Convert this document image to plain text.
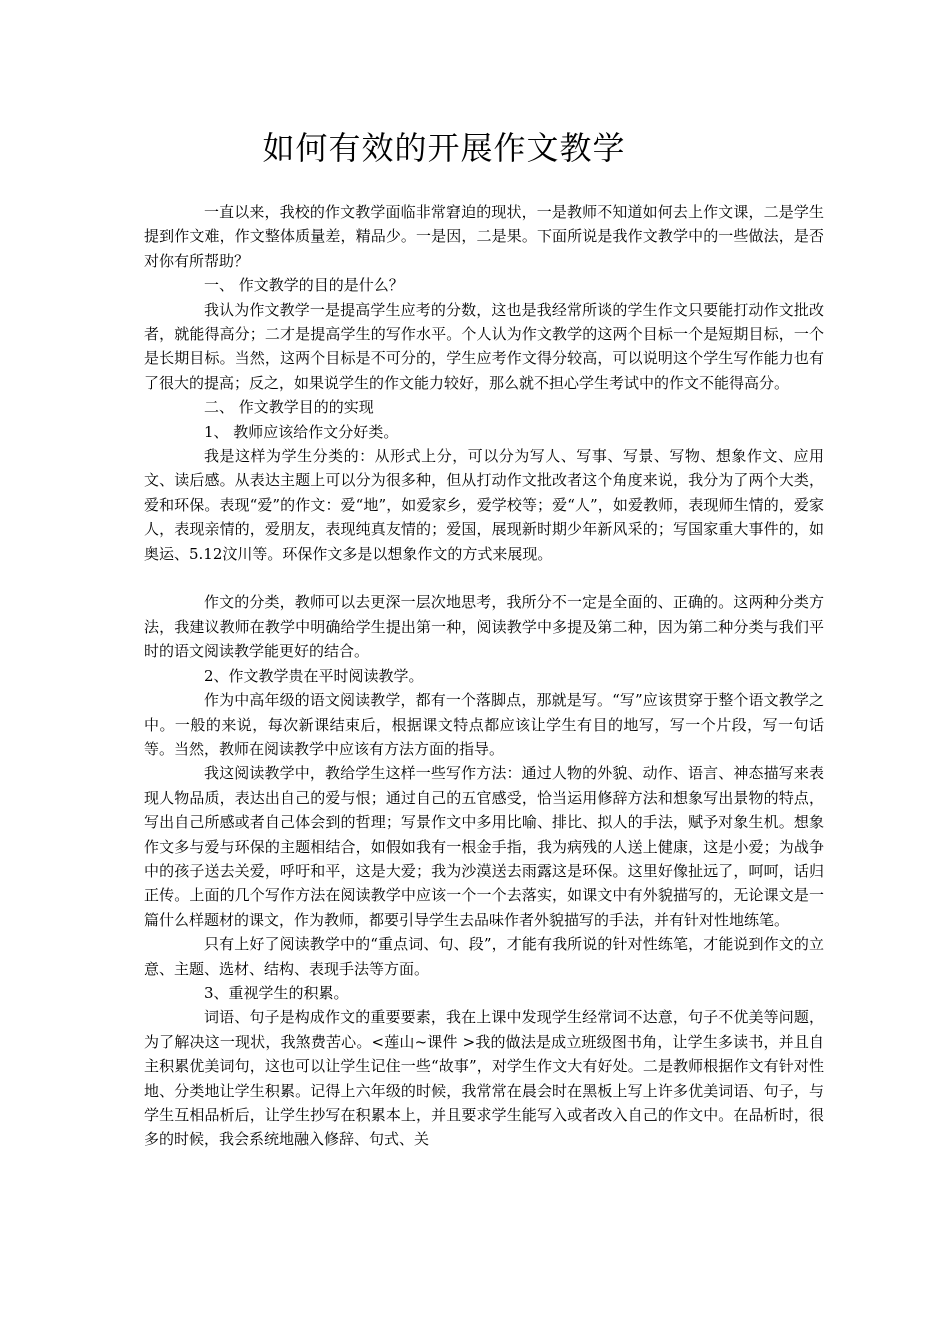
如何有效的开展作文教学

一直以来，我校的作文教学面临非常窘迫的现状，一是教师不知道如何去上作文课，二是学生提到作文难，作文整体质量差，精品少。一是因，二是果。下面所说是我作文教学中的一些做法，是否对你有所帮助？

一、 作文教学的目的是什么？

我认为作文教学一是提高学生应考的分数，这也是我经常所谈的学生作文只要能打动作文批改者，就能得高分；二才是提高学生的写作水平。个人认为作文教学的这两个目标一个是短期目标，一个是长期目标。当然，这两个目标是不可分的，学生应考作文得分较高，可以说明这个学生写作能力也有了很大的提高；反之，如果说学生的作文能力较好，那么就不担心学生考试中的作文不能得高分。

二、 作文教学目的的实现

1、 教师应该给作文分好类。

我是这样为学生分类的：从形式上分，可以分为写人、写事、写景、写物、想象作文、应用文、读后感。从表达主题上可以分为很多种，但从打动作文批改者这个角度来说，我分为了两个大类，爱和环保。表现“爱”的作文：爱“地”，如爱家乡，爱学校等；爱“人”，如爱教师，表现师生情的，爱家人，表现亲情的，爱朋友，表现纯真友情的；爱国，展现新时期少年新风采的；写国家重大事件的，如奥运、5.12汶川等。环保作文多是以想象作文的方式来展现。

作文的分类，教师可以去更深一层次地思考，我所分不一定是全面的、正确的。这两种分类方法，我建议教师在教学中明确给学生提出第一种，阅读教学中多提及第二种，因为第二种分类与我们平时的语文阅读教学能更好的结合。

2、作文教学贵在平时阅读教学。

作为中高年级的语文阅读教学，都有一个落脚点，那就是写。“写”应该贯穿于整个语文教学之中。一般的来说，每次新课结束后，根据课文特点都应该让学生有目的地写，写一个片段，写一句话等。当然，教师在阅读教学中应该有方法方面的指导。

我这阅读教学中，教给学生这样一些写作方法：通过人物的外貌、动作、语言、神态描写来表现人物品质，表达出自己的爱与恨；通过自己的五官感受，恰当运用修辞方法和想象写出景物的特点，写出自己所感或者自己体会到的哲理；写景作文中多用比喻、排比、拟人的手法，赋予对象生机。想象作文多与爱与环保的主题相结合，如假如我有一根金手指，我为病残的人送上健康，这是小爱；为战争中的孩子送去关爱，呼吁和平，这是大爱；我为沙漠送去雨露这是环保。这里好像扯远了，呵呵，话归正传。上面的几个写作方法在阅读教学中应该一个一个去落实，如课文中有外貌描写的，无论课文是一篇什么样题材的课文，作为教师，都要引导学生去品味作者外貌描写的手法，并有针对性地练笔。

只有上好了阅读教学中的“重点词、句、段”，才能有我所说的针对性练笔，才能说到作文的立意、主题、选材、结构、表现手法等方面。

3、重视学生的积累。

词语、句子是构成作文的重要要素，我在上课中发现学生经常词不达意，句子不优美等问题，为了解决这一现状，我煞费苦心。<莲山~课件 >我的做法是成立班级图书角，让学生多读书，并且自主积累优美词句，这也可以让学生记住一些“故事”，对学生作文大有好处。二是教师根据作文有针对性地、分类地让学生积累。记得上六年级的时候，我常常在晨会时在黑板上写上许多优美词语、句子，与学生互相品析后，让学生抄写在积累本上，并且要求学生能写入或者改入自己的作文中。在品析时，很多的时候，我会系统地融入修辞、句式、关
